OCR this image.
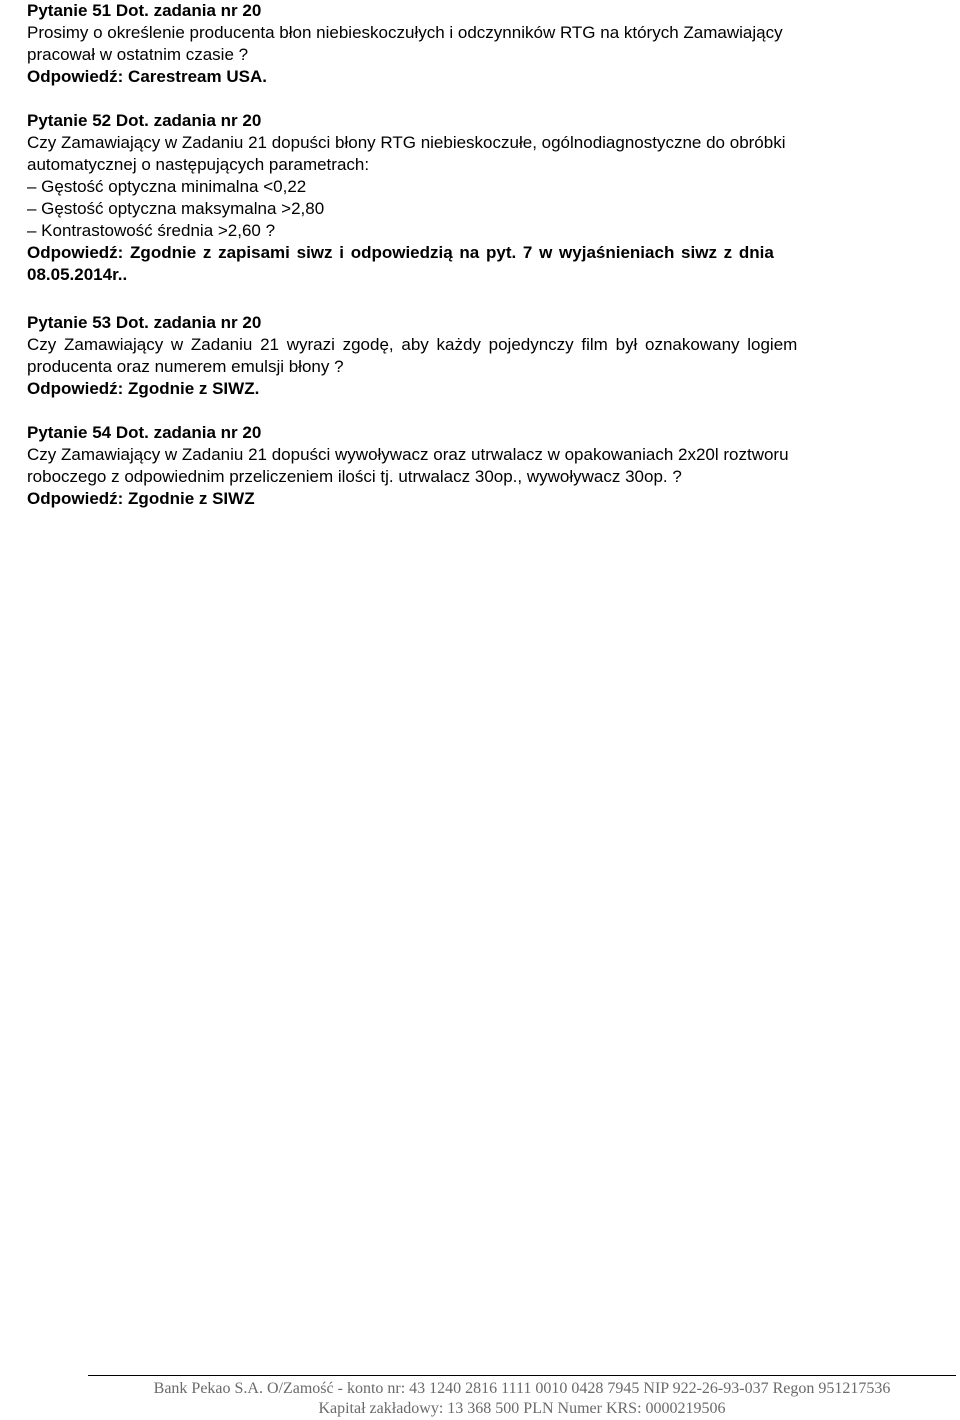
Pytanie 51 Dot. zadania nr 20
Prosimy o określenie producenta błon niebieskoczułych i odczynników RTG na których Zamawiający
pracował w ostatnim czasie ?
Odpowiedź: Carestream USA.
Pytanie 52 Dot. zadania nr 20
Czy Zamawiający w Zadaniu 21 dopuści błony RTG niebieskoczułe, ogólnodiagnostyczne do obróbki
automatycznej o następujących parametrach:
– Gęstość optyczna minimalna <0,22
– Gęstość optyczna maksymalna >2,80
– Kontrastowość średnia >2,60 ?
Odpowiedź: Zgodnie z zapisami siwz i odpowiedzią na pyt. 7 w wyjaśnieniach siwz z dnia
08.05.2014r..
Pytanie 53 Dot. zadania nr 20
Czy Zamawiający w Zadaniu 21 wyrazi zgodę, aby każdy pojedynczy film był oznakowany logiem
producenta oraz numerem emulsji błony ?
Odpowiedź: Zgodnie z SIWZ.
Pytanie 54 Dot. zadania nr 20
Czy Zamawiający w Zadaniu 21 dopuści wywoływacz oraz utrwalacz w opakowaniach 2x20l roztworu
roboczego z odpowiednim przeliczeniem ilości tj. utrwalacz 30op., wywoływacz 30op. ?
Odpowiedź: Zgodnie z SIWZ
Bank Pekao S.A. O/Zamość - konto nr: 43 1240 2816 1111 0010 0428 7945 NIP 922-26-93-037 Regon 951217536
Kapitał zakładowy: 13 368 500 PLN Numer KRS: 0000219506
